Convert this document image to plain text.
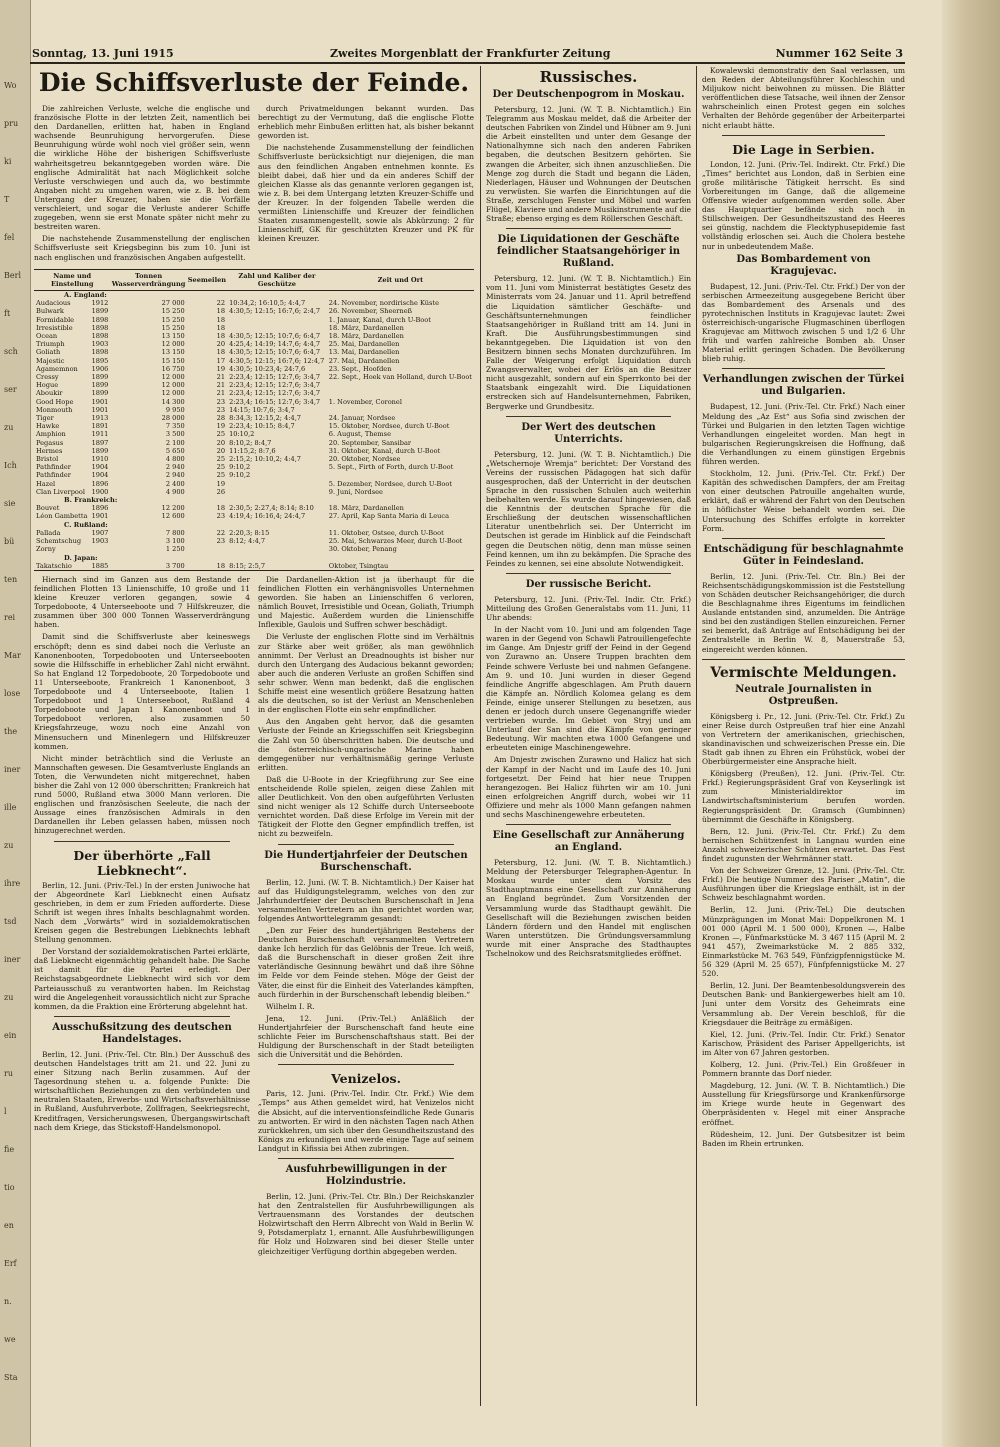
Wo
pru
ki
T
fel
Berl
ft
sch
ser
zu
Ich
sie
bü
ten
rei
Mar
lose
the
iner
ille
zu
ihre
tsd
iner
zu
ein
ru
l
fie
tio
en
Erf
n.
we
Sta
Sonntag, 13. Juni 1915	Zweites Morgenblatt der Frankfurter Zeitung	Nummer 162 Seite 3
Die Schiffsverluste der Feinde.

Die zahlreichen Verluste, welche die englische und französische Flotte in der letzten Zeit, namentlich bei den Dardanellen, erlitten hat, haben in England wachsende Beunruhigung hervorgerufen. Diese Beunruhigung würde wohl noch viel größer sein, wenn die wirkliche Höhe der bisherigen Schiffsverluste wahrheitsgetreu bekanntgegeben worden wäre. Die englische Admiralität hat nach Möglichkeit solche Verluste verschwiegen und auch da, wo bestimmte Angaben nicht zu umgehen waren, wie z. B. bei dem Untergang der Kreuzer, haben sie die Vorfälle verschleiert, und sogar die Verluste anderer Schiffe zugegeben, wenn sie erst Monate später nicht mehr zu bestreiten waren.

Die nachstehende Zusammenstellung der englischen Schiffsverluste seit Kriegsbeginn bis zum 10. Juni ist nach englischen und französischen Angaben aufgestellt.

durch Privatmeldungen bekannt wurden. Das berechtigt zu der Vermutung, daß die englische Flotte erheblich mehr Einbußen erlitten hat, als bisher bekannt geworden ist.

Die nachstehende Zusammenstellung der feindlichen Schiffsverluste berücksichtigt nur diejenigen, die man aus den feindlichen Angaben entnehmen konnte. Es bleibt dabei, daß hier und da ein anderes Schiff der gleichen Klasse als das genannte verloren gegangen ist, wie z. B. bei dem Untergang letzten Kreuzer-Schiffe und der Kreuzer. In der folgenden Tabelle werden die vermißten Linienschiffe und Kreuzer der feindlichen Staaten zusammengestellt, sowie als Abkürzung: 2 für Linienschiff, GK für geschützten Kreuzer und PK für kleinen Kreuzer.

Name und Einstellung		Tonnen Wasserverdrängung	Seemeilen	Zahl und Kaliber der Geschütze	Zeit und Ort
A. England:					
Audacious	1912	27 000	22	10:34,2; 16:10,5; 4:4,7	24. November, nordirische Küste
Bulwark	1899	15 250	18	4:30,5; 12:15; 16:7,6; 2:4,7	26. November, Sheerneß
Formidable	1898	15 250	18		1. Januar, Kanal, durch U-Boot
Irresistible	1898	15 250	18		18. März, Dardanellen
Ocean	1898	13 150	18	4:30,5; 12:15; 10:7,6; 6:4,7	18. März, Dardanellen
Triumph	1903	12 000	20	4:25,4; 14:19; 14:7,6; 4:4,7	25. Mai, Dardanellen
Goliath	1898	13 150	18	4:30,5; 12:15; 10:7,6; 6:4,7	13. Mai, Dardanellen
Majestic	1895	15 150	17	4:30,5; 12:15; 16:7,6; 12:4,7	27. Mai, Dardanellen
Agamemnon	1906	16 750	19	4:30,5; 10:23,4; 24:7,6	23. Sept., Hoofden
Cressy	1899	12 000	21	2:23,4; 12:15; 12:7,6; 3:4,7	22. Sept., Hoek van Holland, durch U-Boot
Hogue	1899	12 000	21	2:23,4; 12:15; 12:7,6; 3:4,7	
Aboukir	1899	12 000	21	2:23,4; 12:15; 12:7,6; 3:4,7	
Good Hope	1901	14 300	23	2:23,4; 16:15; 12:7,6; 3:4,7	1. November, Coronel
Monmouth	1901	9 950	23	14:15; 10:7,6; 3:4,7	
Tiger	1913	28 000	28	8:34,3; 12:15,2; 4:4,7	24. Januar, Nordsee
Hawke	1891	7 350	19	2:23,4; 10:15; 8:4,7	15. Oktober, Nordsee, durch U-Boot
Amphion	1911	3 500	25	10:10,2	6. August, Themse
Pegasus	1897	2 100	20	8:10,2; 8:4,7	20. September, Sansibar
Hermes	1899	5 650	20	11:15,2; 8:7,6	31. Oktober, Kanal, durch U-Boot
Bristol	1910	4 800	25	2:15,2; 10:10,2; 4:4,7	20. Oktober, Nordsee
Pathfinder	1904	2 940	25	9:10,2	5. Sept., Firth of Forth, durch U-Boot
Pathfinder	1904	2 940	25	9:10,2	
Hazel	1896	2 400	19		5. Dezember, Nordsee, durch U-Boot
Clan Liverpool	1900	4 900	26		9. Juni, Nordsee
B. Frankreich:					
Bouvet	1896	12 200	18	2:30,5; 2:27,4; 8:14; 8:10	18. März, Dardanellen
Léon Gambetta	1901	12 600	23	4:19,4; 16:16,4; 24:4,7	27. April, Kap Santa Maria di Leuca
C. Rußland:					
Pallada	1907	7 800	22	2:20,3; 8:15	11. Oktober, Ostsee, durch U-Boot
Schemtschug	1903	3 100	23	8:12; 4:4,7	25. Mai, Schwarzes Meer, durch U-Boot
Zorny		1 250			30. Oktober, Penang
D. Japan:					
Takatschio	1885	3 700	18	8:15; 2:5,7	Oktober, Tsingtau

Hiernach sind im Ganzen aus dem Bestande der feindlichen Flotten 13 Linienschiffe, 10 große und 11 kleine Kreuzer verloren gegangen, sowie 4 Torpedoboote, 4 Unterseeboote und 7 Hilfskreuzer, die zusammen über 300 000 Tonnen Wasserverdrängung haben.

Damit sind die Schiffsverluste aber keineswegs erschöpft; denn es sind dabei noch die Verluste an Kanonenbooten, Torpedobooten und Unterseebooten sowie die Hilfsschiffe in erheblicher Zahl nicht erwähnt. So hat England 12 Torpedoboote, 20 Torpedoboote und 11 Unterseeboote, Frankreich 1 Kanonenboot, 3 Torpedoboote und 4 Unterseeboote, Italien 1 Torpedoboot und 1 Unterseeboot, Rußland 4 Torpedoboote und Japan 1 Kanonenboot und 1 Torpedoboot verloren, also zusammen 50 Kriegsfahrzeuge, wozu noch eine Anzahl von Minensuchern und Minenlegern und Hilfskreuzer kommen.

Nicht minder beträchtlich sind die Verluste an Mannschaften gewesen. Die Gesamtverluste Englands an Toten, die Verwundeten nicht mitgerechnet, haben bisher die Zahl von 12 000 überschritten; Frankreich hat rund 5000, Rußland etwa 3000 Mann verloren. Die englischen und französischen Seeleute, die nach der Aussage eines französischen Admirals in den Dardanellen ihr Leben gelassen haben, müssen noch hinzugerechnet werden.

Der überhörte „Fall Liebknecht“.

Berlin, 12. Juni. (Priv.-Tel.) In der ersten Juniwoche hat der Abgeordnete Karl Liebknecht einen Aufsatz geschrieben, in dem er zum Frieden aufforderte. Diese Schrift ist wegen ihres Inhalts beschlagnahmt worden. Nach dem „Vorwärts“ wird in sozialdemokratischen Kreisen gegen die Bestrebungen Liebknechts lebhaft Stellung genommen.

Der Vorstand der sozialdemokratischen Partei erklärte, daß Liebknecht eigenmächtig gehandelt habe. Die Sache ist damit für die Partei erledigt. Der Reichstagsabgeordnete Liebknecht wird sich vor dem Parteiausschuß zu verantworten haben. Im Reichstag wird die Angelegenheit voraussichtlich nicht zur Sprache kommen, da die Fraktion eine Erörterung abgelehnt hat.

Ausschußsitzung des deutschen Handelstages.

Berlin, 12. Juni. (Priv.-Tel. Ctr. Bln.) Der Ausschuß des deutschen Handelstages tritt am 21. und 22. Juni zu einer Sitzung nach Berlin zusammen. Auf der Tagesordnung stehen u. a. folgende Punkte: Die wirtschaftlichen Beziehungen zu den verbündeten und neutralen Staaten, Erwerbs- und Wirtschaftsverhältnisse in Rußland, Ausfuhrverbote, Zollfragen, Seekriegsrecht, Kreditfragen, Versicherungswesen, Übergangswirtschaft nach dem Kriege, das Stickstoff-Handelsmonopol.

Die Dardanellen-Aktion ist ja überhaupt für die feindlichen Flotten ein verhängnisvolles Unternehmen geworden. Sie haben an Linienschiffen 6 verloren, nämlich Bouvet, Irresistible und Ocean, Goliath, Triumph und Majestic. Außerdem wurden die Linienschiffe Inflexible, Gaulois und Suffren schwer beschädigt.

Die Verluste der englischen Flotte sind im Verhältnis zur Stärke aber weit größer, als man gewöhnlich annimmt. Der Verlust an Dreadnoughts ist bisher nur durch den Untergang des Audacious bekannt geworden; aber auch die anderen Verluste an großen Schiffen sind sehr schwer. Wenn man bedenkt, daß die englischen Schiffe meist eine wesentlich größere Besatzung hatten als die deutschen, so ist der Verlust an Menschenleben in der englischen Flotte ein sehr empfindlicher.

Aus den Angaben geht hervor, daß die gesamten Verluste der Feinde an Kriegsschiffen seit Kriegsbeginn die Zahl von 50 überschritten haben. Die deutsche und die österreichisch-ungarische Marine haben demgegenüber nur verhältnismäßig geringe Verluste erlitten.

Daß die U-Boote in der Kriegführung zur See eine entscheidende Rolle spielen, zeigen diese Zahlen mit aller Deutlichkeit. Von den oben aufgeführten Verlusten sind nicht weniger als 12 Schiffe durch Unterseeboote vernichtet worden. Daß diese Erfolge im Verein mit der Tätigkeit der Flotte den Gegner empfindlich treffen, ist nicht zu bezweifeln.

Die Hundertjahrfeier der Deutschen Burschenschaft.

Berlin, 12. Juni. (W. T. B. Nichtamtlich.) Der Kaiser hat auf das Huldigungstelegramm, welches von den zur Jahrhundertfeier der Deutschen Burschenschaft in Jena versammelten Vertretern an ihn gerichtet worden war, folgendes Antworttelegramm gesandt:

„Den zur Feier des hundertjährigen Bestehens der Deutschen Burschenschaft versammelten Vertretern danke Ich herzlich für das Gelöbnis der Treue. Ich weiß, daß die Burschenschaft in dieser großen Zeit ihre vaterländische Gesinnung bewährt und daß ihre Söhne im Felde vor dem Feinde stehen. Möge der Geist der Väter, die einst für die Einheit des Vaterlandes kämpften, auch fürderhin in der Burschenschaft lebendig bleiben.“

Wilhelm I. R.

Jena, 12. Juni. (Priv.-Tel.) Anläßlich der Hundertjahrfeier der Burschenschaft fand heute eine schlichte Feier im Burschenschaftshaus statt. Bei der Huldigung der Burschenschaft in der Stadt beteiligten sich die Universität und die Behörden.

Venizelos.

Paris, 12. Juni. (Priv.-Tel. Indir. Ctr. Frkf.) Wie dem „Temps“ aus Athen gemeldet wird, hat Venizelos nicht die Absicht, auf die interventionsfeindliche Rede Gunaris zu antworten. Er wird in den nächsten Tagen nach Athen zurückkehren, um sich über den Gesundheitszustand des Königs zu erkundigen und werde einige Tage auf seinem Landgut in Kifissia bei Athen zubringen.

Ausfuhrbewilligungen in der Holzindustrie.

Berlin, 12. Juni. (Priv.-Tel. Ctr. Bln.) Der Reichskanzler hat den Zentralstellen für Ausfuhrbewilligungen als Vertrauensmann des Vorstandes der deutschen Holzwirtschaft den Herrn Albrecht von Wald in Berlin W. 9, Potsdamerplatz 1, ernannt. Alle Ausfuhrbewilligungen für Holz und Holzwaren sind bei dieser Stelle unter gleichzeitiger Verfügung dorthin abgegeben werden.

Russisches.
Der Deutschenpogrom in Moskau.

Petersburg, 12. Juni. (W. T. B. Nichtamtlich.) Ein Telegramm aus Moskau meldet, daß die Arbeiter der deutschen Fabriken von Zindel und Hübner am 9. Juni die Arbeit einstellten und unter dem Gesange der Nationalhymne sich nach den anderen Fabriken begaben, die deutschen Besitzern gehörten. Sie zwangen die Arbeiter, sich ihnen anzuschließen. Die Menge zog durch die Stadt und begann die Läden, Niederlagen, Häuser und Wohnungen der Deutschen zu verwüsten. Sie warfen die Einrichtungen auf die Straße, zerschlugen Fenster und Möbel und warfen Flügel, Klaviere und andere Musikinstrumente auf die Straße; ebenso erging es dem Röllerschen Geschäft.

Die Liquidationen der Geschäfte feindlicher Staatsangehöriger in Rußland.

Petersburg, 12. Juni. (W. T. B. Nichtamtlich.) Ein vom 11. Juni vom Ministerrat bestätigtes Gesetz des Ministerrats vom 24. Januar und 11. April betreffend die Liquidation sämtlicher Geschäfte- und Geschäftsunternehmungen feindlicher Staatsangehöriger in Rußland tritt am 14. Juni in Kraft. Die Ausführungsbestimmungen sind bekanntgegeben. Die Liquidation ist von den Besitzern binnen sechs Monaten durchzuführen. Im Falle der Weigerung erfolgt Liquidation durch Zwangsverwalter, wobei der Erlös an die Besitzer nicht ausgezahlt, sondern auf ein Sperrkonto bei der Staatsbank eingezahlt wird. Die Liquidationen erstrecken sich auf Handelsunternehmen, Fabriken, Bergwerke und Grundbesitz.

Der Wert des deutschen Unterrichts.

Petersburg, 12. Juni. (W. T. B. Nichtamtlich.) Die „Wetschernoje Wremja“ berichtet: Der Vorstand des Vereins der russischen Pädagogen hat sich dafür ausgesprochen, daß der Unterricht in der deutschen Sprache in den russischen Schulen auch weiterhin beibehalten werde. Es wurde darauf hingewiesen, daß die Kenntnis der deutschen Sprache für die Erschließung der deutschen wissenschaftlichen Literatur unentbehrlich sei. Der Unterricht im Deutschen ist gerade im Hinblick auf die Feindschaft gegen die Deutschen nötig, denn man müsse seinen Feind kennen, um ihn zu bekämpfen. Die Sprache des Feindes zu kennen, sei eine absolute Notwendigkeit.

Der russische Bericht.

Petersburg, 12. Juni. (Priv.-Tel. Indir. Ctr. Frkf.) Mitteilung des Großen Generalstabs vom 11. Juni, 11 Uhr abends:

In der Nacht vom 10. Juni und am folgenden Tage waren in der Gegend von Schawli Patrouillengefechte im Gange. Am Dnjestr griff der Feind in der Gegend von Zurawno an. Unsere Truppen brachten dem Feinde schwere Verluste bei und nahmen Gefangene. Am 9. und 10. Juni wurden in dieser Gegend feindliche Angriffe abgeschlagen. Am Pruth dauern die Kämpfe an. Nördlich Kolomea gelang es dem Feinde, einige unserer Stellungen zu besetzen, aus denen er jedoch durch unsere Gegenangriffe wieder vertrieben wurde. Im Gebiet von Stryj und am Unterlauf der San sind die Kämpfe von geringer Bedeutung. Wir machten etwa 1000 Gefangene und erbeuteten einige Maschinengewehre.

Am Dnjestr zwischen Zurawno und Halicz hat sich der Kampf in der Nacht und im Laufe des 10. Juni fortgesetzt. Der Feind hat hier neue Truppen herangezogen. Bei Halicz führten wir am 10. Juni einen erfolgreichen Angriff durch, wobei wir 11 Offiziere und mehr als 1000 Mann gefangen nahmen und sechs Maschinengewehre erbeuteten.

Eine Gesellschaft zur Annäherung an England.

Petersburg, 12. Juni. (W. T. B. Nichtamtlich.) Meldung der Petersburger Telegraphen-Agentur. In Moskau wurde unter dem Vorsitz des Stadthauptmanns eine Gesellschaft zur Annäherung an England begründet. Zum Vorsitzenden der Versammlung wurde das Stadthaupt gewählt. Die Gesellschaft will die Beziehungen zwischen beiden Ländern fördern und den Handel mit englischen Waren unterstützen. Die Gründungsversammlung wurde mit einer Ansprache des Stadthauptes Tschelnokow und des Reichsratsmitgliedes eröffnet.

Kowalewski demonstrativ den Saal verlassen, um den Reden der Abteilungsführer Kochleschin und Miljukow nicht beiwohnen zu müssen. Die Blätter veröffentlichen diese Tatsache, weil ihnen der Zensor wahrscheinlich einen Protest gegen ein solches Verhalten der Behörde gegenüber der Arbeiterpartei nicht erlaubt hätte.

Die Lage in Serbien.

London, 12. Juni. (Priv.-Tel. Indirekt. Ctr. Frkf.) Die „Times“ berichtet aus London, daß in Serbien eine große militärische Tätigkeit herrscht. Es sind Vorbereitungen im Gange, daß die allgemeine Offensive wieder aufgenommen werden solle. Aber das Hauptquartier befände sich noch in Stillschweigen. Der Gesundheitszustand des Heeres sei günstig, nachdem die Flecktyphusepidemie fast vollständig erloschen sei. Auch die Cholera bestehe nur in unbedeutendem Maße.

Das Bombardement von Kragujevac.

Budapest, 12. Juni. (Priv.-Tel. Ctr. Frkf.) Der von der serbischen Armeezeitung ausgegebene Bericht über das Bombardement des Arsenals und des pyrotechnischen Instituts in Kragujevac lautet: Zwei österreichisch-ungarische Flugmaschinen überflogen Kragujevac am Mittwoch zwischen 5 und 1/2 6 Uhr früh und warfen zahlreiche Bomben ab. Unser Material erlitt geringen Schaden. Die Bevölkerung blieb ruhig.

Verhandlungen zwischen der Türkei und Bulgarien.

Budapest, 12. Juni. (Priv.-Tel. Ctr. Frkf.) Nach einer Meldung des „Az Est“ aus Sofia sind zwischen der Türkei und Bulgarien in den letzten Tagen wichtige Verhandlungen eingeleitet worden. Man hegt in bulgarischen Regierungskreisen die Hoffnung, daß die Verhandlungen zu einem günstigen Ergebnis führen werden.

Stockholm, 12. Juni. (Priv.-Tel. Ctr. Frkf.) Der Kapitän des schwedischen Dampfers, der am Freitag von einer deutschen Patrouille angehalten wurde, erklärt, daß er während der Fahrt von den Deutschen in höflichster Weise behandelt worden sei. Die Untersuchung des Schiffes erfolgte in korrekter Form.

Entschädigung für beschlagnahmte Güter in Feindesland.

Berlin, 12. Juni. (Priv.-Tel. Ctr. Bln.) Bei der Reichsentschädigungskommission ist die Feststellung von Schäden deutscher Reichsangehöriger, die durch die Beschlagnahme ihres Eigentums im feindlichen Auslande entstanden sind, anzumelden. Die Anträge sind bei den zuständigen Stellen einzureichen. Ferner sei bemerkt, daß Anträge auf Entschädigung bei der Zentralstelle in Berlin W. 8, Mauerstraße 53, eingereicht werden können.

Vermischte Meldungen.
Neutrale Journalisten in Ostpreußen.

Königsberg i. Pr., 12. Juni. (Priv.-Tel. Ctr. Frkf.) Zu einer Reise durch Ostpreußen traf hier eine Anzahl von Vertretern der amerikanischen, griechischen, skandinavischen und schweizerischen Presse ein. Die Stadt gab ihnen zu Ehren ein Frühstück, wobei der Oberbürgermeister eine Ansprache hielt.

Königsberg (Preußen), 12. Juni. (Priv.-Tel. Ctr. Frkf.) Regierungspräsident Graf von Keyserlingk ist zum Ministerialdirektor im Landwirtschaftsministerium berufen worden. Regierungspräsident Dr. Gramsch (Gumbinnen) übernimmt die Geschäfte in Königsberg.

Bern, 12. Juni. (Priv.-Tel. Ctr. Frkf.) Zu dem bernischen Schützenfest in Langnau wurden eine Anzahl schweizerischer Schützen erwartet. Das Fest findet zugunsten der Wehrmänner statt.

Von der Schweizer Grenze, 12. Juni. (Priv.-Tel. Ctr. Frkf.) Die heutige Nummer des Pariser „Matin“, die Ausführungen über die Kriegslage enthält, ist in der Schweiz beschlagnahmt worden.

Berlin, 12. Juni. (Priv.-Tel.) Die deutschen Münzprägungen im Monat Mai: Doppelkronen M. 1 001 000 (April M. 1 500 000), Kronen —, Halbe Kronen —, Fünfmarkstücke M. 3 467 115 (April M. 2 941 457), Zweimarkstücke M. 2 885 332, Einmarkstücke M. 763 549, Fünfzigpfennigstücke M. 56 329 (April M. 25 657), Fünfpfennigstücke M. 27 520.

Berlin, 12. Juni. Der Beamtenbesoldungsverein des Deutschen Bank- und Bankiergewerbes hielt am 10. Juni unter dem Vorsitz des Geheimrats eine Versammlung ab. Der Verein beschloß, für die Kriegsdauer die Beiträge zu ermäßigen.

Kiel, 12. Juni. (Priv.-Tel. Indir. Ctr. Frkf.) Senator Karischow, Präsident des Pariser Appellgerichts, ist im Alter von 67 Jahren gestorben.

Kolberg, 12. Juni. (Priv.-Tel.) Ein Großfeuer in Pommern brannte das Dorf nieder.

Magdeburg, 12. Juni. (W. T. B. Nichtamtlich.) Die Ausstellung für Kriegsfürsorge und Krankenfürsorge im Kriege wurde heute in Gegenwart des Oberpräsidenten v. Hegel mit einer Ansprache eröffnet.

Rüdesheim, 12. Juni. Der Gutsbesitzer ist beim Baden im Rhein ertrunken.
